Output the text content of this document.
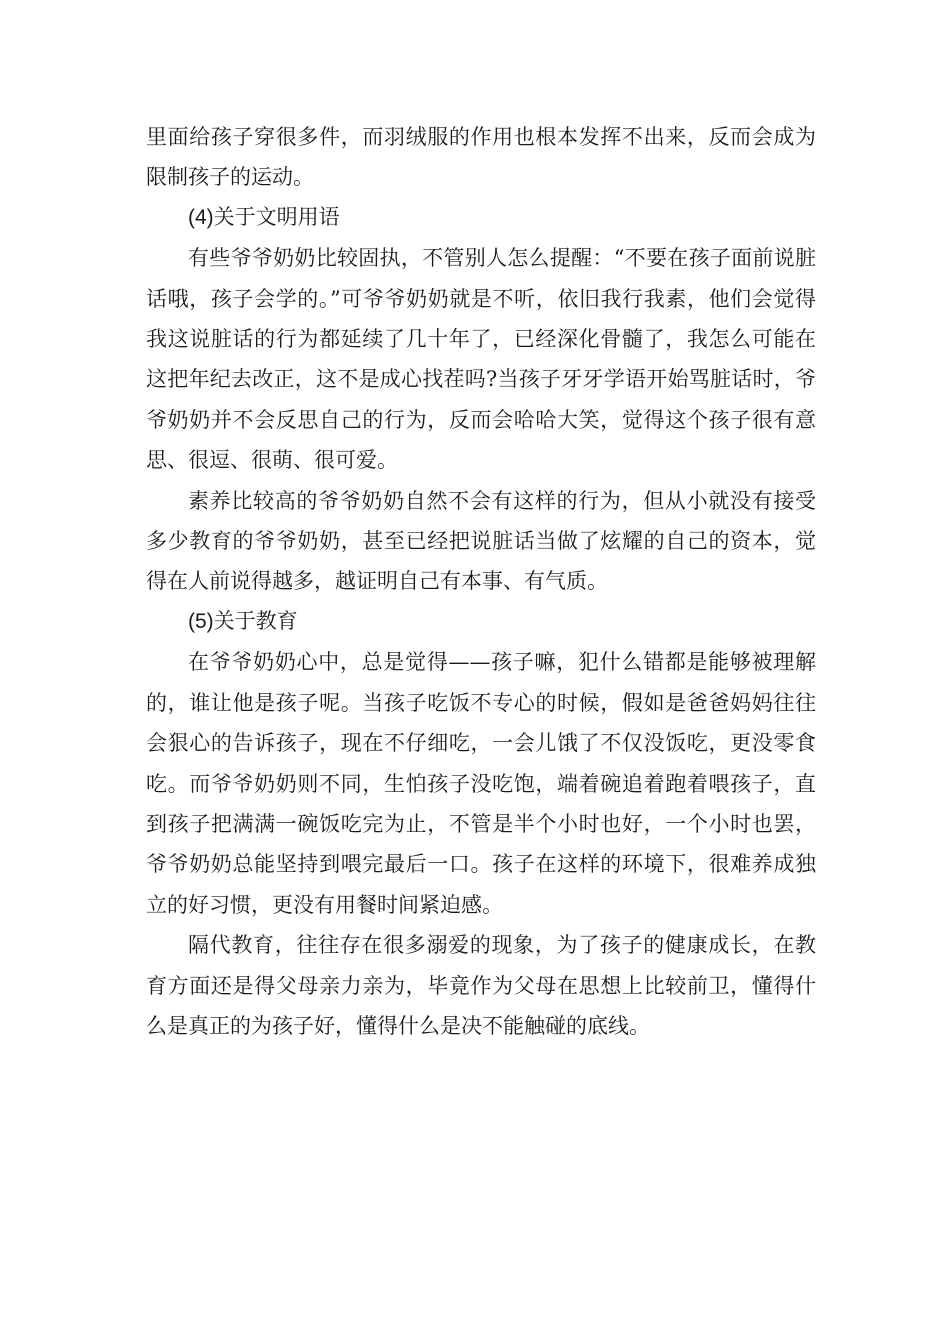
里面给孩子穿很多件，而羽绒服的作用也根本发挥不出来，反而会成为限制孩子的运动。

(4)关于文明用语

有些爷爷奶奶比较固执，不管别人怎么提醒：“不要在孩子面前说脏话哦，孩子会学的。”可爷爷奶奶就是不听，依旧我行我素，他们会觉得我这说脏话的行为都延续了几十年了，已经深化骨髓了，我怎么可能在这把年纪去改正，这不是成心找茬吗?当孩子牙牙学语开始骂脏话时，爷爷奶奶并不会反思自己的行为，反而会哈哈大笑，觉得这个孩子很有意思、很逗、很萌、很可爱。

素养比较高的爷爷奶奶自然不会有这样的行为，但从小就没有接受多少教育的爷爷奶奶，甚至已经把说脏话当做了炫耀的自己的资本，觉得在人前说得越多，越证明自己有本事、有气质。

(5)关于教育

在爷爷奶奶心中，总是觉得——孩子嘛，犯什么错都是能够被理解的，谁让他是孩子呢。当孩子吃饭不专心的时候，假如是爸爸妈妈往往会狠心的告诉孩子，现在不仔细吃，一会儿饿了不仅没饭吃，更没零食吃。而爷爷奶奶则不同，生怕孩子没吃饱，端着碗追着跑着喂孩子，直到孩子把满满一碗饭吃完为止，不管是半个小时也好，一个小时也罢，爷爷奶奶总能坚持到喂完最后一口。孩子在这样的环境下，很难养成独立的好习惯，更没有用餐时间紧迫感。

隔代教育，往往存在很多溺爱的现象，为了孩子的健康成长，在教育方面还是得父母亲力亲为，毕竟作为父母在思想上比较前卫，懂得什么是真正的为孩子好，懂得什么是决不能触碰的底线。
